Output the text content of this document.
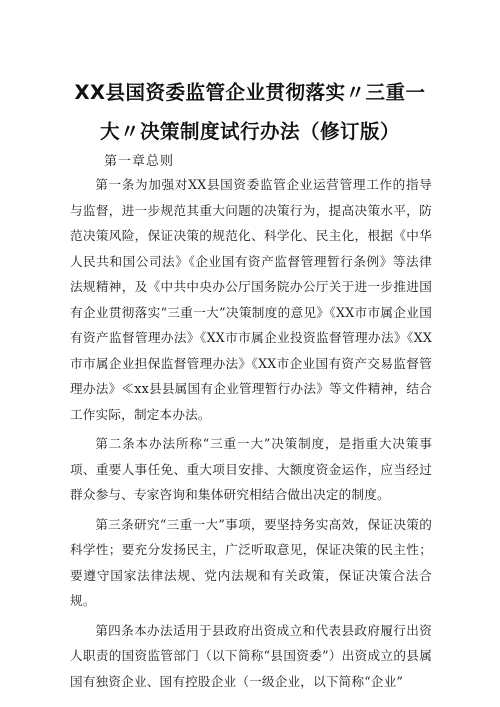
XX县国资委监管企业贯彻落实〃三重一
大〃决策制度试行办法（修订版）
第一章总则

第一条为加强对XX县国资委监管企业运营管理工作的指导与监督，进一步规范其重大问题的决策行为，提高决策水平，防范决策风险，保证决策的规范化、科学化、民主化，根据《中华人民共和国公司法》《企业国有资产监督管理暂行条例》等法律法规精神，及《中共中央办公厅国务院办公厅关于进一步推进国有企业贯彻落实“三重一大”决策制度的意见》《XX市市属企业国有资产监督管理办法》《XX市市属企业投资监督管理办法》《XX市市属企业担保监督管理办法》《XX市企业国有资产交易监督管理办法》≪xx县县属国有企业管理暂行办法》等文件精神，结合工作实际，制定本办法。

第二条本办法所称“三重一大”决策制度，是指重大决策事项、重要人事任免、重大项目安排、大额度资金运作，应当经过群众参与、专家咨询和集体研究相结合做出决定的制度。

第三条研究“三重一大”事项，要坚持务实高效，保证决策的科学性；要充分发扬民主，广泛听取意见，保证决策的民主性；要遵守国家法律法规、党内法规和有关政策，保证决策合法合规。

第四条本办法适用于县政府出资成立和代表县政府履行出资人职责的国资监管部门（以下简称“县国资委”）出资成立的县属国有独资企业、国有控股企业（一级企业，以下简称“企业”
